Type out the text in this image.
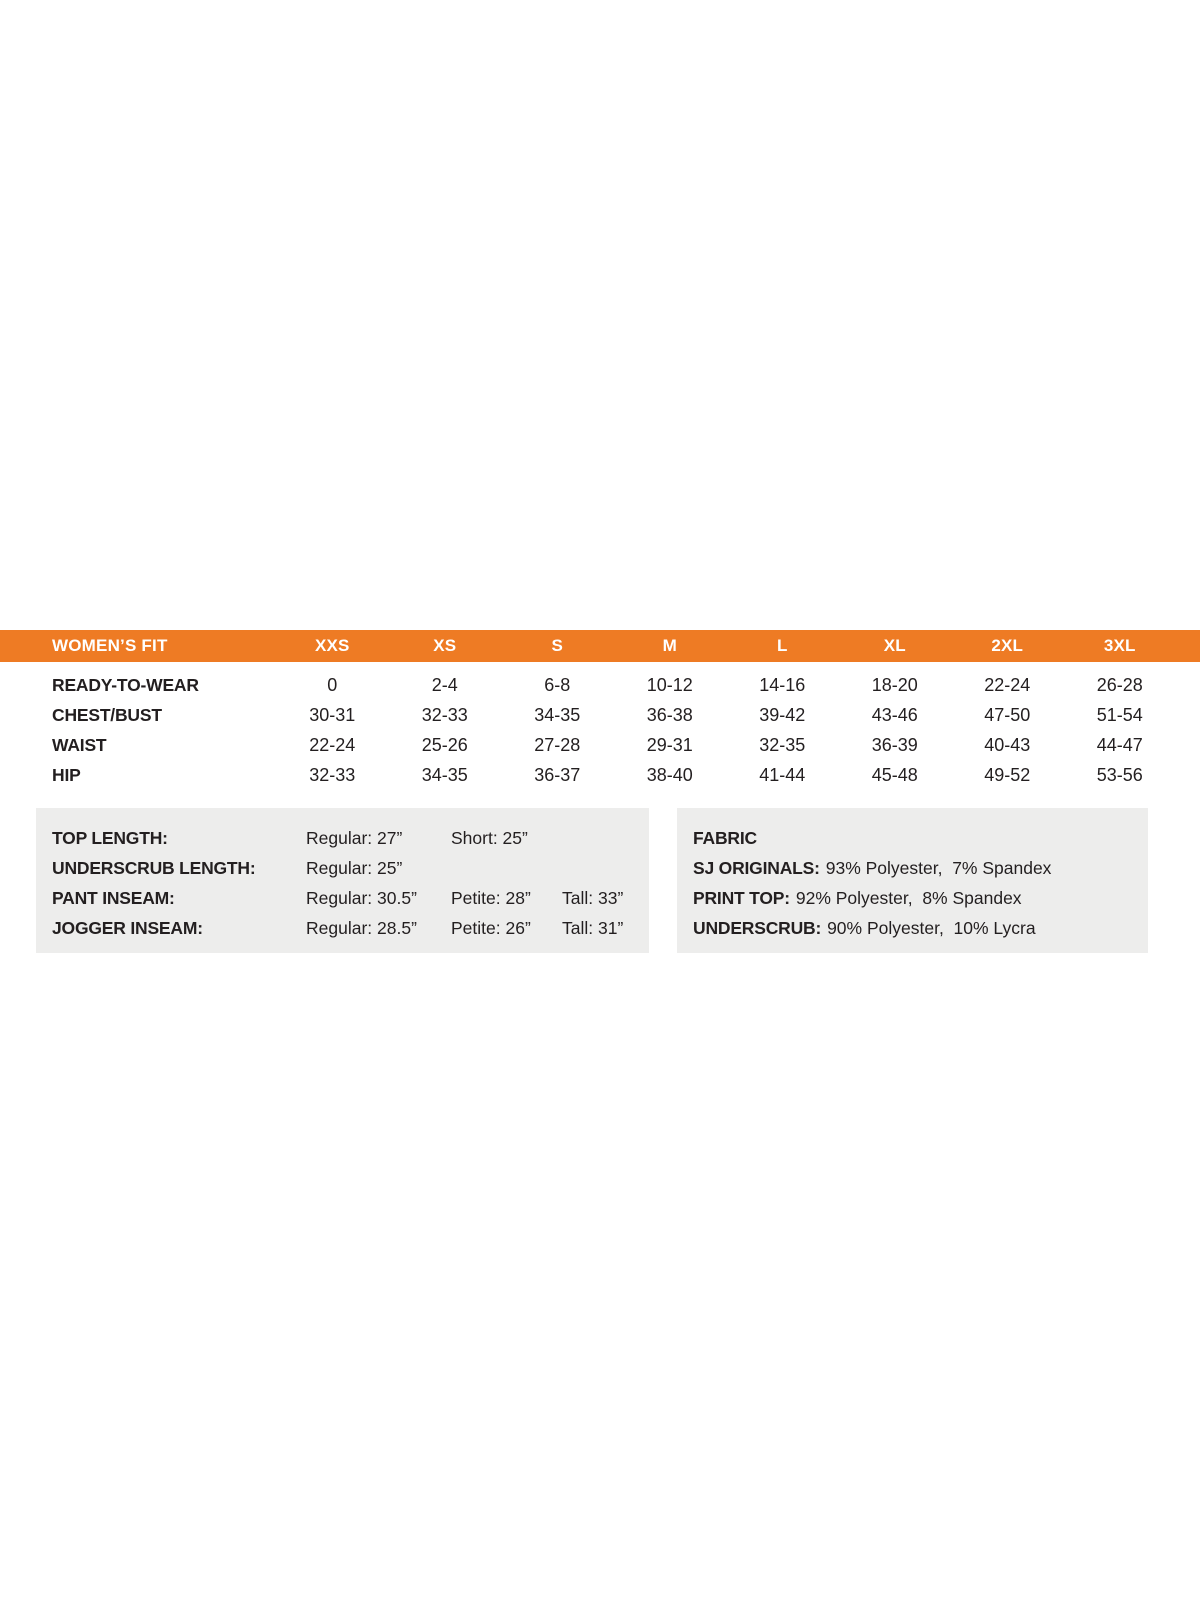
WOMEN’S FIT	XXS	XS	S	M	L	XL	2XL	3XL	
READY-TO-WEAR	0	2-4	6-8	10-12	14-16	18-20	22-24	26-28	
CHEST/BUST	30-31	32-33	34-35	36-38	39-42	43-46	47-50	51-54	
WAIST	22-24	25-26	27-28	29-31	32-35	36-39	40-43	44-47	
HIP	32-33	34-35	36-37	38-40	41-44	45-48	49-52	53-56	
TOP LENGTH:	Regular: 27”	Short: 25”
UNDERSCRUB LENGTH:	Regular: 25”
PANT INSEAM:	Regular: 30.5” Petite: 28” Tall: 33”
JOGGER INSEAM:	Regular: 28.5” Petite: 26” Tall: 31”
FABRIC
SJ ORIGINALS: 93% Polyester,  7% Spandex
PRINT TOP: 92% Polyester,  8% Spandex
UNDERSCRUB: 90% Polyester,  10% Lycra
